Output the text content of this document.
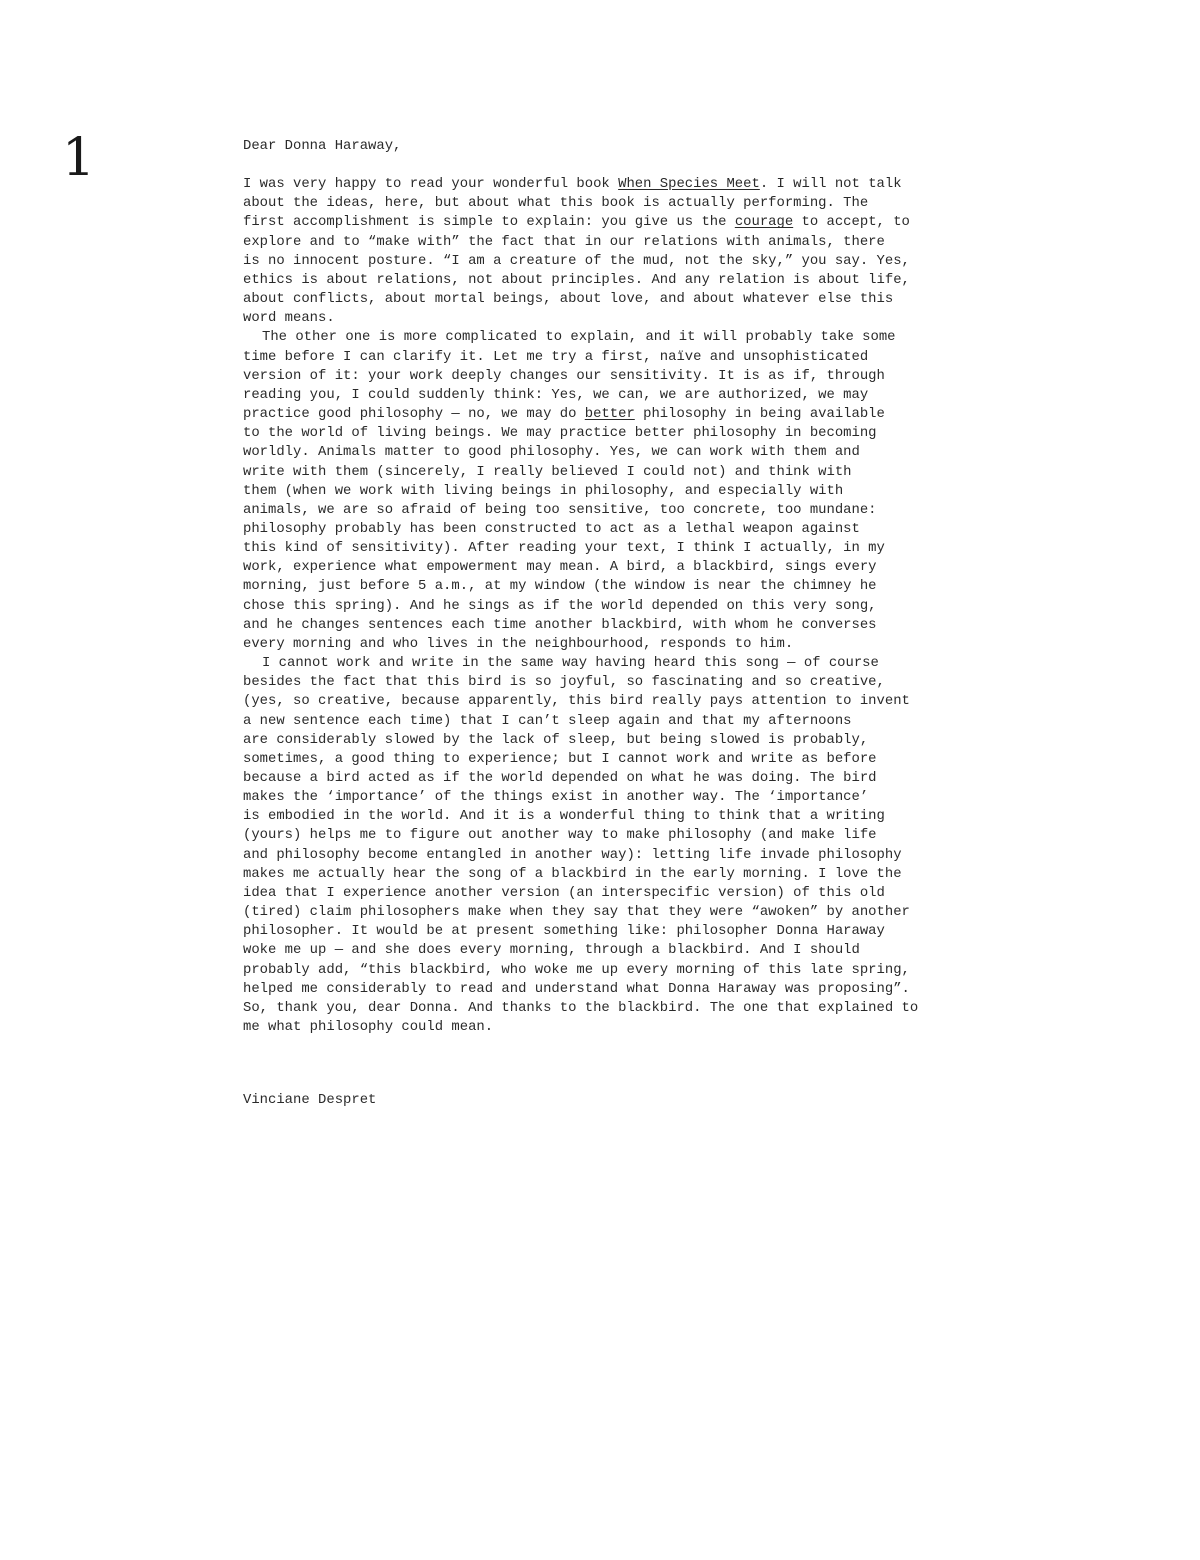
1	Dear Donna Haraway,
I was very happy to read your wonderful book When Species Meet. I will not talk
about the ideas, here, but about what this book is actually performing. The
first accomplishment is simple to explain: you give us the courage to accept, to
explore and to “make with” the fact that in our relations with animals, there
is no innocent posture. “I am a creature of the mud, not the sky,” you say. Yes,
ethics is about relations, not about principles. And any relation is about life,
about conflicts, about mortal beings, about love, and about whatever else this
word means.
The other one is more complicated to explain, and it will probably take some
time before I can clarify it. Let me try a first, naïve and unsophisticated
version of it: your work deeply changes our sensitivity. It is as if, through
reading you, I could suddenly think: Yes, we can, we are authorized, we may
practice good philosophy — no, we may do better philosophy in being available
to the world of living beings. We may practice better philosophy in becoming
worldly. Animals matter to good philosophy. Yes, we can work with them and
write with them (sincerely, I really believed I could not) and think with
them (when we work with living beings in philosophy, and especially with
animals, we are so afraid of being too sensitive, too concrete, too mundane:
philosophy probably has been constructed to act as a lethal weapon against
this kind of sensitivity). After reading your text, I think I actually, in my
work, experience what empowerment may mean. A bird, a blackbird, sings every
morning, just before 5 a.m., at my window (the window is near the chimney he
chose this spring). And he sings as if the world depended on this very song,
and he changes sentences each time another blackbird, with whom he converses
every morning and who lives in the neighbourhood, responds to him.
I cannot work and write in the same way having heard this song — of course
besides the fact that this bird is so joyful, so fascinating and so creative,
(yes, so creative, because apparently, this bird really pays attention to invent
a new sentence each time) that I can’t sleep again and that my afternoons
are considerably slowed by the lack of sleep, but being slowed is probably,
sometimes, a good thing to experience; but I cannot work and write as before
because a bird acted as if the world depended on what he was doing. The bird
makes the ‘importance’ of the things exist in another way. The ‘importance’
is embodied in the world. And it is a wonderful thing to think that a writing
(yours) helps me to figure out another way to make philosophy (and make life
and philosophy become entangled in another way): letting life invade philosophy
makes me actually hear the song of a blackbird in the early morning. I love the
idea that I experience another version (an interspecific version) of this old
(tired) claim philosophers make when they say that they were “awoken” by another
philosopher. It would be at present something like: philosopher Donna Haraway
woke me up — and she does every morning, through a blackbird. And I should
probably add, “this blackbird, who woke me up every morning of this late spring,
helped me considerably to read and understand what Donna Haraway was proposing”.
So, thank you, dear Donna. And thanks to the blackbird. The one that explained to
me what philosophy could mean.
Vinciane Despret
